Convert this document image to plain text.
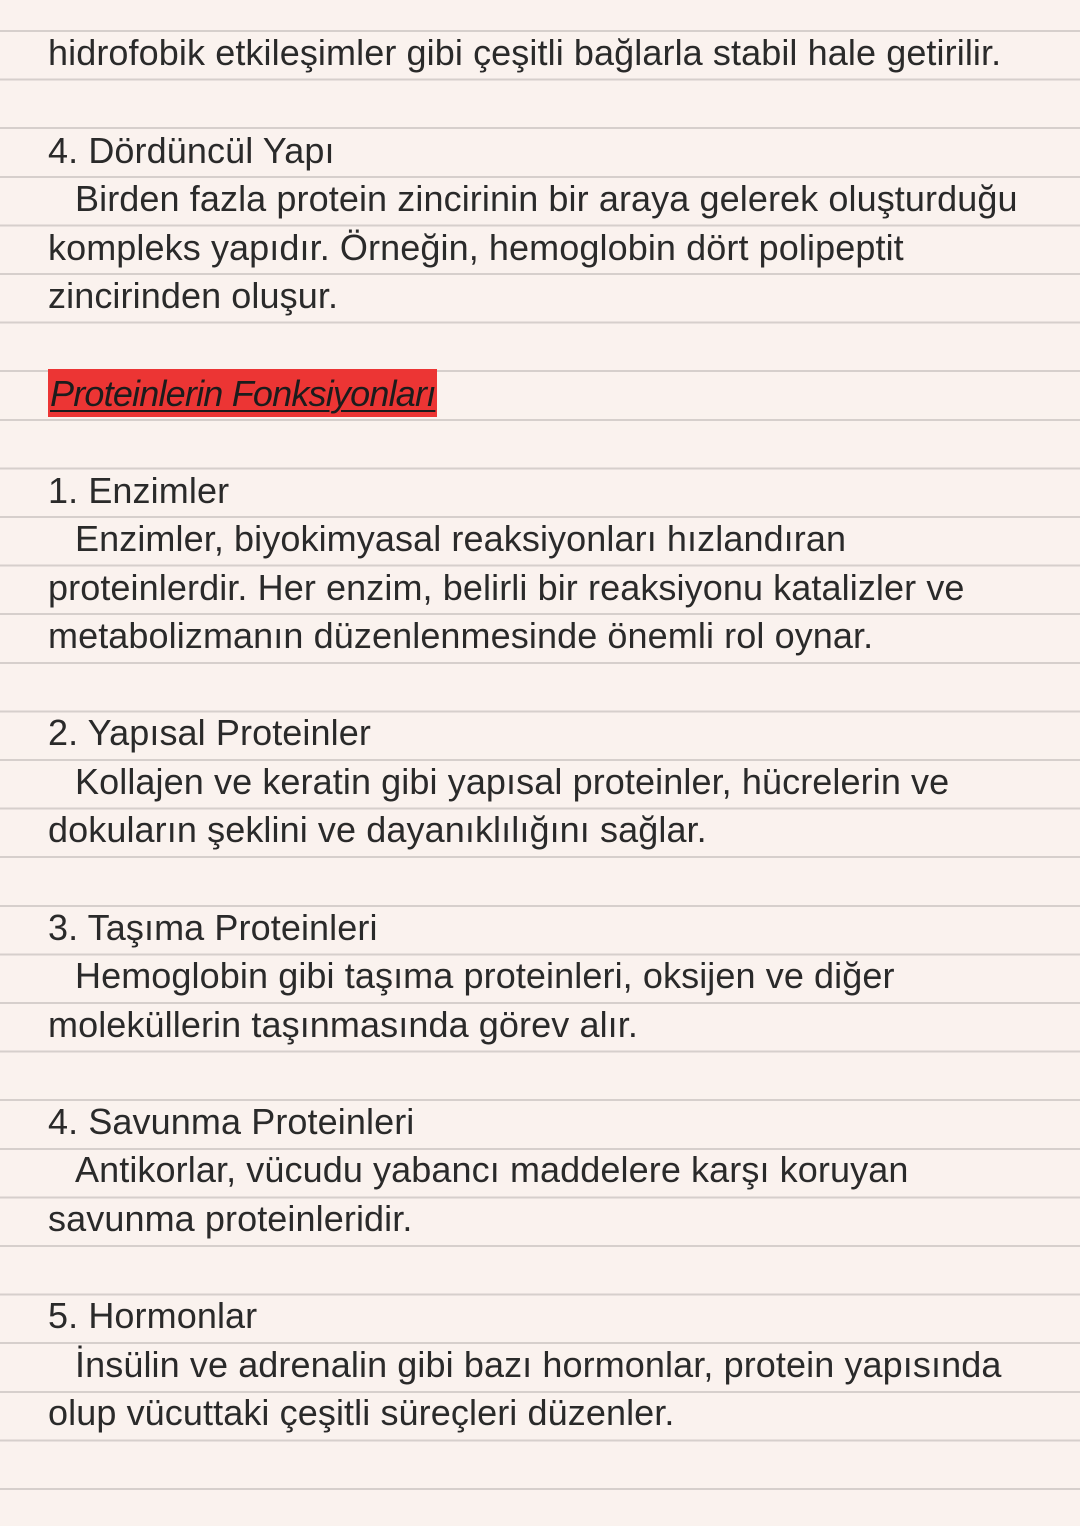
hidrofobik etkileşimler gibi çeşitli bağlarla stabil hale getirilir.
4. Dördüncül Yapı
Birden fazla protein zincirinin bir araya gelerek oluşturduğu
kompleks yapıdır. Örneğin, hemoglobin dört polipeptit
zincirinden oluşur.
Proteinlerin Fonksiyonları
1. Enzimler
Enzimler, biyokimyasal reaksiyonları hızlandıran
proteinlerdir. Her enzim, belirli bir reaksiyonu katalizler ve
metabolizmanın düzenlenmesinde önemli rol oynar.
2. Yapısal Proteinler
Kollajen ve keratin gibi yapısal proteinler, hücrelerin ve
dokuların şeklini ve dayanıklılığını sağlar.
3. Taşıma Proteinleri
Hemoglobin gibi taşıma proteinleri, oksijen ve diğer
moleküllerin taşınmasında görev alır.
4. Savunma Proteinleri
Antikorlar, vücudu yabancı maddelere karşı koruyan
savunma proteinleridir.
5. Hormonlar
İnsülin ve adrenalin gibi bazı hormonlar, protein yapısında
olup vücuttaki çeşitli süreçleri düzenler.
